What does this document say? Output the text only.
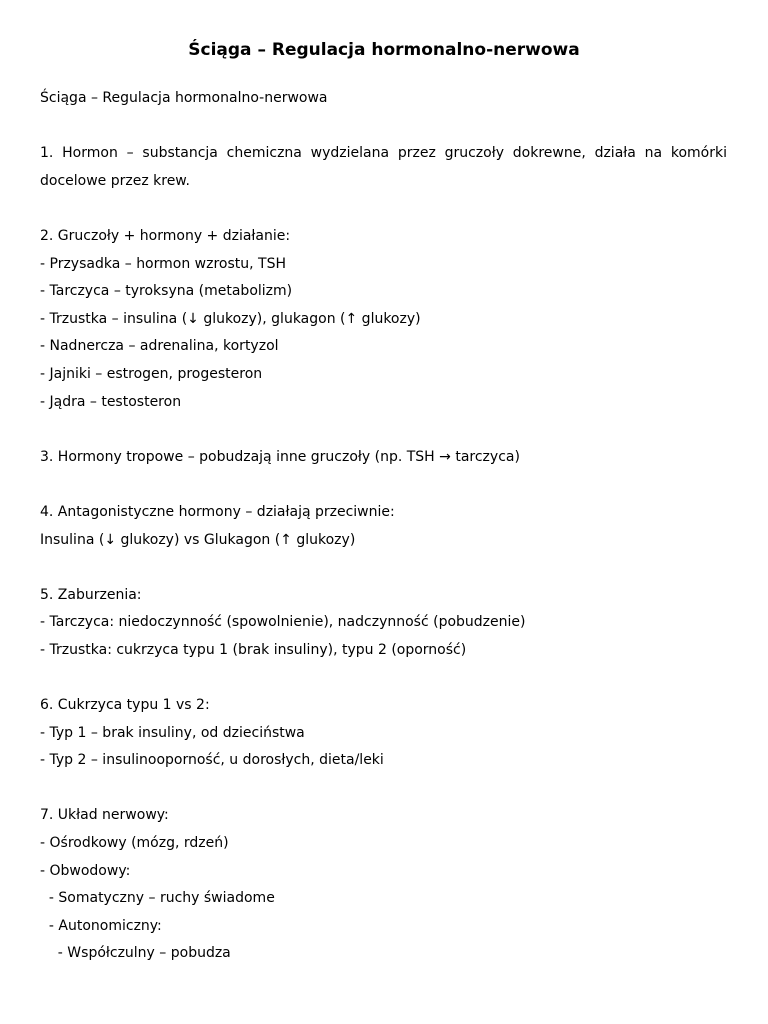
Ściąga – Regulacja hormonalno-nerwowa

Ściąga – Regulacja hormonalno-nerwowa

1. Hormon – substancja chemiczna wydzielana przez gruczoły dokrewne, działa na komórki docelowe przez krew.

2. Gruczoły + hormony + działanie:

- Przysadka – hormon wzrostu, TSH

- Tarczyca – tyroksyna (metabolizm)

- Trzustka – insulina (↓ glukozy), glukagon (↑ glukozy)

- Nadnercza – adrenalina, kortyzol

- Jajniki – estrogen, progesteron

- Jądra – testosteron

3. Hormony tropowe – pobudzają inne gruczoły (np. TSH → tarczyca)

4. Antagonistyczne hormony – działają przeciwnie:

Insulina (↓ glukozy) vs Glukagon (↑ glukozy)

5. Zaburzenia:

- Tarczyca: niedoczynność (spowolnienie), nadczynność (pobudzenie)

- Trzustka: cukrzyca typu 1 (brak insuliny), typu 2 (oporność)

6. Cukrzyca typu 1 vs 2:

- Typ 1 – brak insuliny, od dzieciństwa

- Typ 2 – insulinooporność, u dorosłych, dieta/leki

7. Układ nerwowy:

- Ośrodkowy (mózg, rdzeń)

- Obwodowy:

- Somatyczny – ruchy świadome

- Autonomiczny:

- Współczulny – pobudza
